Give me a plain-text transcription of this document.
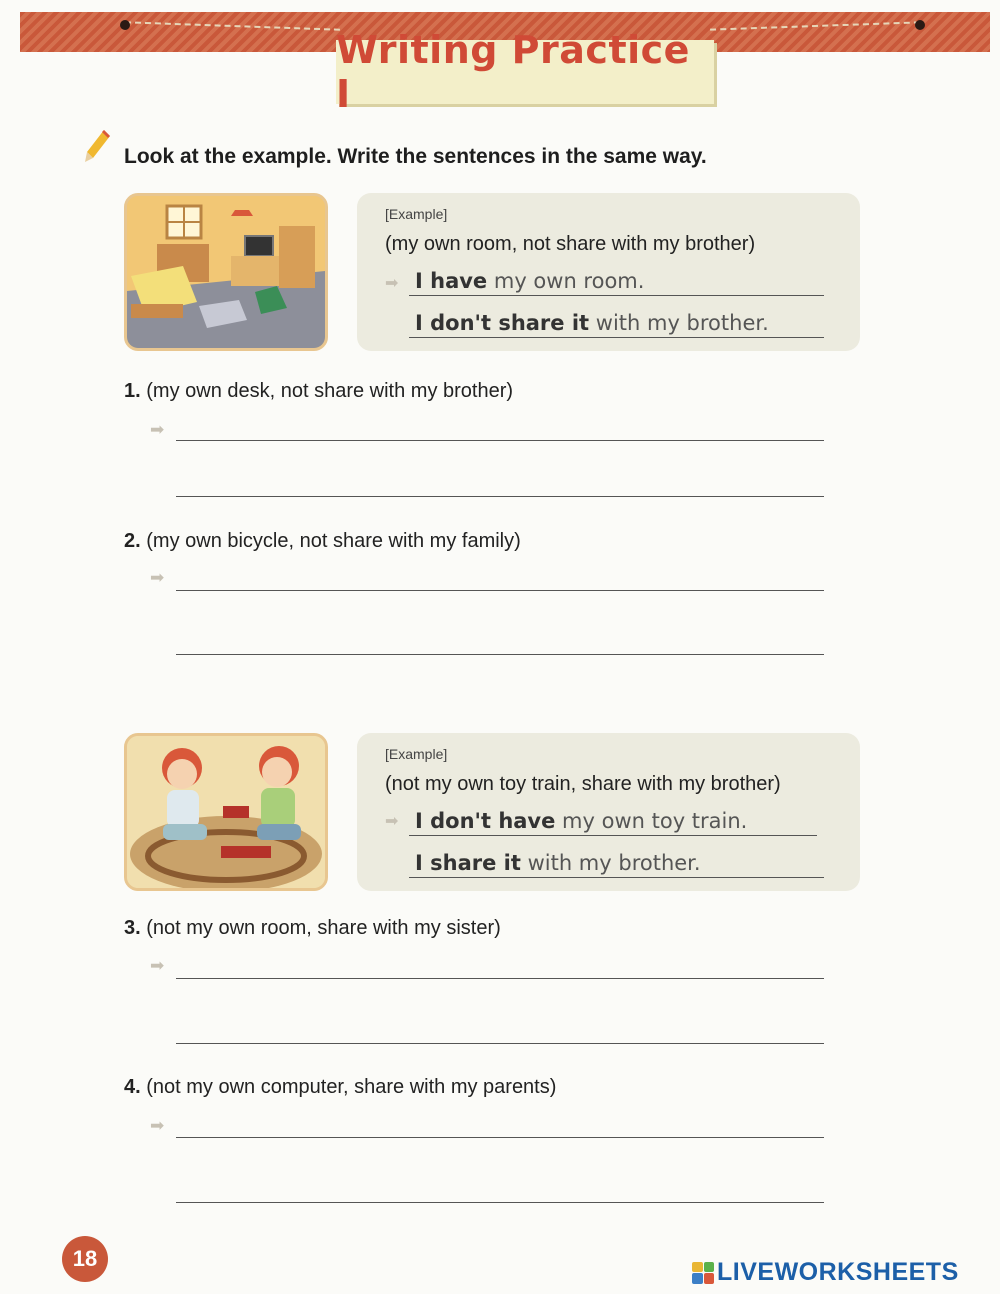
Writing Practice I
Look at the example. Write the sentences in the same way.
[Example]
(my own room, not share with my brother)
➡ I have my own room.
I don't share it with my brother.
1. (my own desk, not share with my brother)
➡
2. (my own bicycle, not share with my family)
➡
[Example]
(not my own toy train, share with my brother)
➡ I don't have my own toy train.
I share it with my brother.
3. (not my own room, share with my sister)
➡
4. (not my own computer, share with my parents)
➡
18	LIVEWORKSHEETS
